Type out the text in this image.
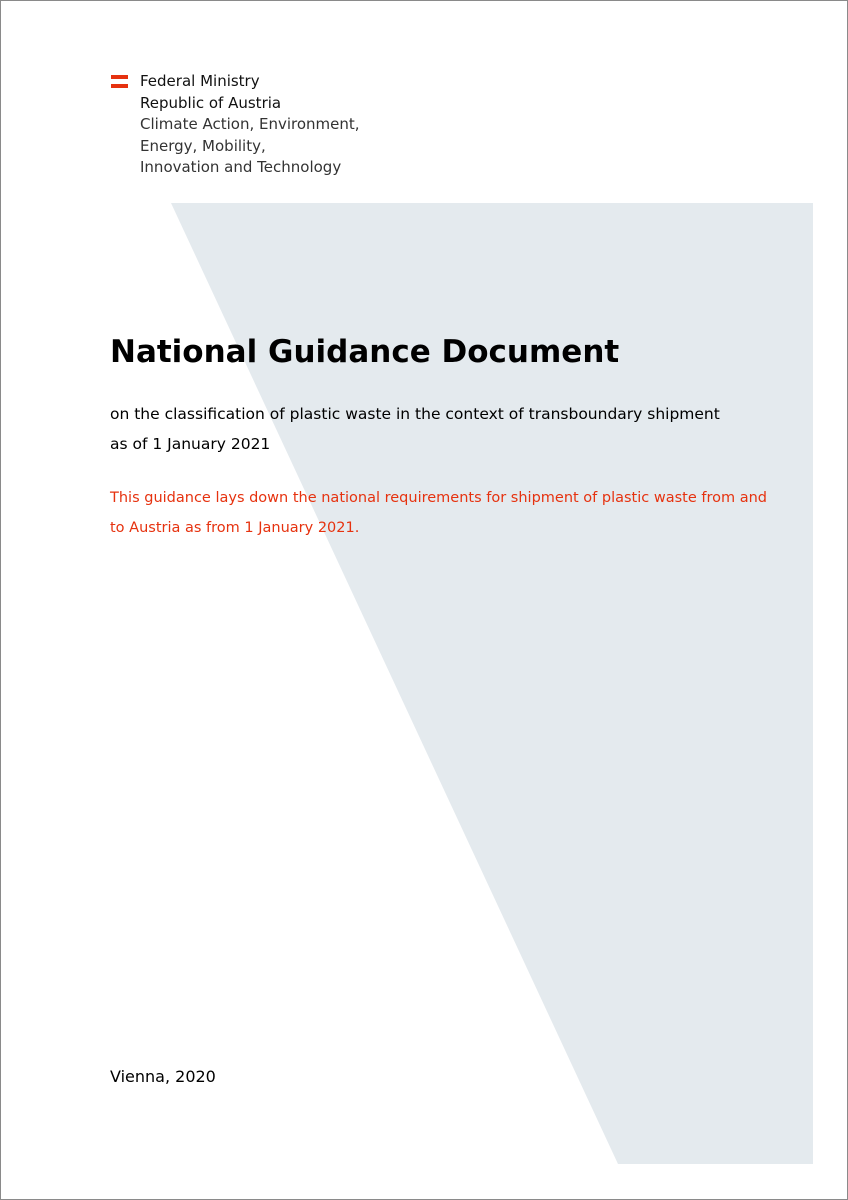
Federal Ministry
Republic of Austria
Climate Action, Environment,
Energy, Mobility,
Innovation and Technology
National Guidance Document

on the classification of plastic waste in the context of transboundary shipment as of 1 January 2021

This guidance lays down the national requirements for shipment of plastic waste from and to Austria as from 1 January 2021.

Vienna, 2020
